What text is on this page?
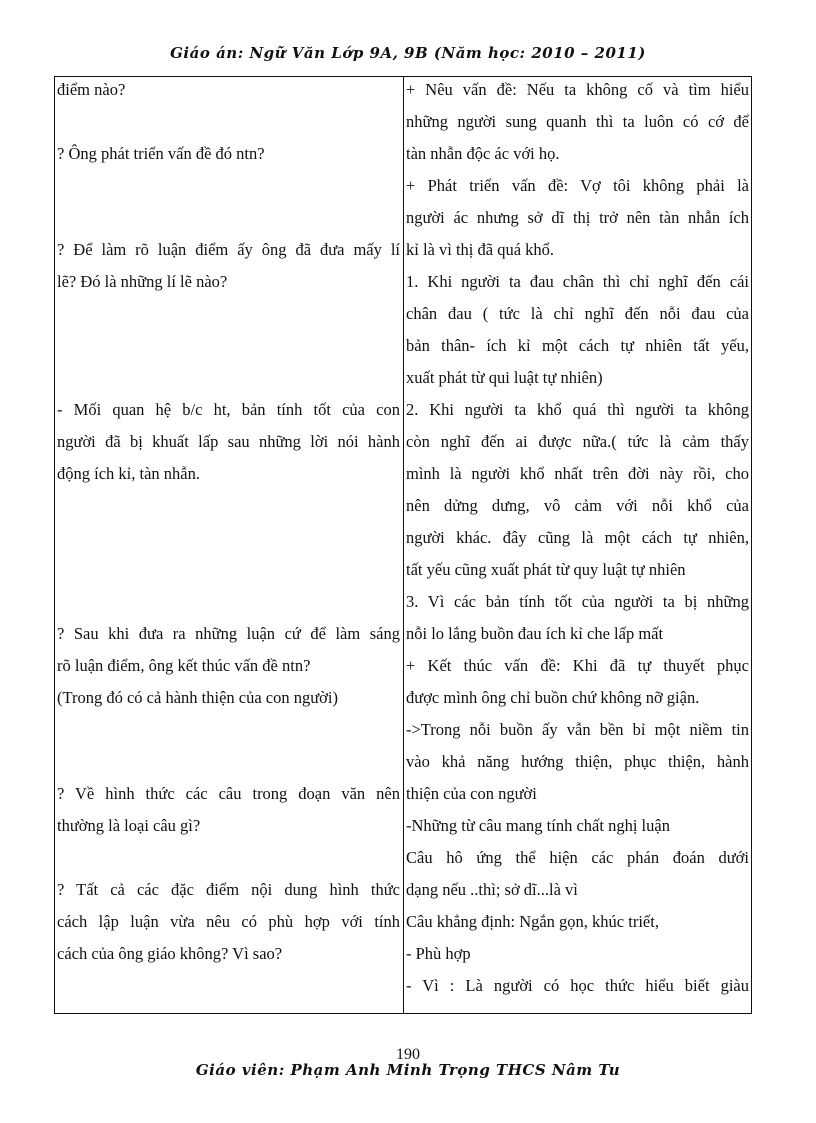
Giáo án: Ngữ Văn Lớp 9A, 9B (Năm học: 2010 – 2011)
điểm nào?
? Ông phát triển vấn đề đó ntn?
? Để làm rõ luận điểm ấy ông đã đưa mấy lí
lẽ? Đó là những lí lẽ nào?
- Mối quan hệ b/c ht, bản tính tốt của con
người đã bị khuất lấp sau những lời nói hành
động ích kỉ, tàn nhẫn.
? Sau khi đưa ra những luận cứ để làm sáng
rõ luận điểm, ông kết thúc vấn đề ntn?
(Trong đó có cả hành thiện của con người)
? Về hình thức các câu trong đoạn văn nên
thường là loại câu gì?
? Tất cả các đặc điểm nội dung hình thức
cách lập luận vừa nêu có phù hợp với tính
cách của ông giáo không? Vì sao?
+ Nêu vấn đề: Nếu ta không cố và tìm hiểu
những người sung quanh thì ta luôn có cớ để
tàn nhẫn độc ác với họ.
+ Phát triển vấn đề: Vợ tôi không phải là
người ác nhưng sở dĩ thị trở nên tàn nhẫn ích
kỉ là vì thị đã quá khổ.
1. Khi người ta đau chân thì chỉ nghĩ đến cái
chân đau ( tức là chỉ nghĩ đến nỗi đau của
bản thân- ích kỉ một cách tự nhiên tất yếu,
xuất phát từ qui luật tự nhiên)
2. Khi người ta khổ quá thì người ta không
còn nghĩ đến ai được nữa.( tức là cảm thấy
mình là người khổ nhất trên đời này rồi, cho
nên dửng dưng, vô cảm với nỗi khổ của
người khác. đây cũng là một cách tự nhiên,
tất yếu cũng xuất phát từ quy luật tự nhiên
3. Vì các bản tính tốt của người ta bị những
nỗi lo lắng buồn đau ích kỉ che lấp mất
+ Kết thúc vấn đề: Khi đã tự thuyết phục
được mình ông chỉ buồn chứ không nỡ giận.
->Trong nỗi buồn ấy vẫn bền bỉ một niềm tin
vào khả năng hướng thiện, phục thiện, hành
thiện của con người
-Những từ câu mang tính chất nghị luận
Câu hô ứng thể hiện các phán đoán dưới
dạng nếu ..thì; sở dĩ...là vì
Câu khẳng định: Ngắn gọn, khúc triết,
- Phù hợp
- Vì : Là người có học thức hiểu biết giàu
190
Giáo viên: Phạm Anh Minh Trọng THCS Nâm Tu
